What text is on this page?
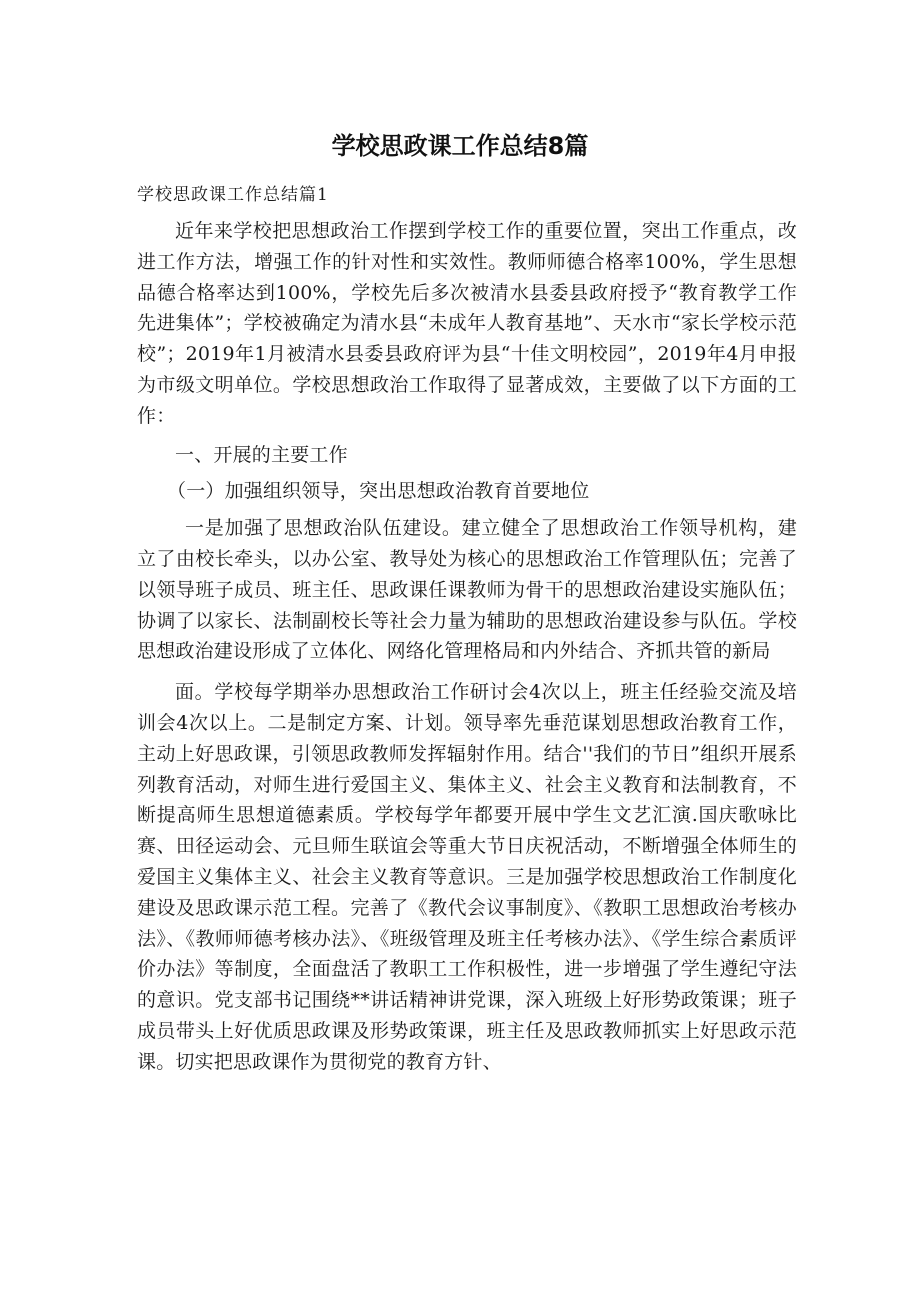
学校思政课工作总结8篇

学校思政课工作总结篇1

近年来学校把思想政治工作摆到学校工作的重要位置，突出工作重点，改进工作方法，增强工作的针对性和实效性。教师师德合格率100%，学生思想品德合格率达到100%，学校先后多次被清水县委县政府授予“教育教学工作先进集体”；学校被确定为清水县“未成年人教育基地”、天水市“家长学校示范校”；2019年1月被清水县委县政府评为县“十佳文明校园”，2019年4月申报为市级文明单位。学校思想政治工作取得了显著成效，主要做了以下方面的工作：

一、开展的主要工作

（一）加强组织领导，突出思想政治教育首要地位

一是加强了思想政治队伍建设。建立健全了思想政治工作领导机构，建立了由校长牵头，以办公室、教导处为核心的思想政治工作管理队伍；完善了以领导班子成员、班主任、思政课任课教师为骨干的思想政治建设实施队伍；协调了以家长、法制副校长等社会力量为辅助的思想政治建设参与队伍。学校思想政治建设形成了立体化、网络化管理格局和内外结合、齐抓共管的新局

面。学校每学期举办思想政治工作研讨会4次以上，班主任经验交流及培训会4次以上。二是制定方案、计划。领导率先垂范谋划思想政治教育工作，主动上好思政课，引领思政教师发挥辐射作用。结合''我们的节日”组织开展系列教育活动，对师生进行爱国主义、集体主义、社会主义教育和法制教育，不断提高师生思想道德素质。学校每学年都要开展中学生文艺汇演.国庆歌咏比赛、田径运动会、元旦师生联谊会等重大节日庆祝活动，不断增强全体师生的爱国主义集体主义、社会主义教育等意识。三是加强学校思想政治工作制度化建设及思政课示范工程。完善了《教代会议事制度》、《教职工思想政治考核办法》、《教师师德考核办法》、《班级管理及班主任考核办法》、《学生综合素质评价办法》等制度，全面盘活了教职工工作积极性，进一步增强了学生遵纪守法的意识。党支部书记围绕**讲话精神讲党课，深入班级上好形势政策课；班子成员带头上好优质思政课及形势政策课，班主任及思政教师抓实上好思政示范课。切实把思政课作为贯彻党的教育方针、
